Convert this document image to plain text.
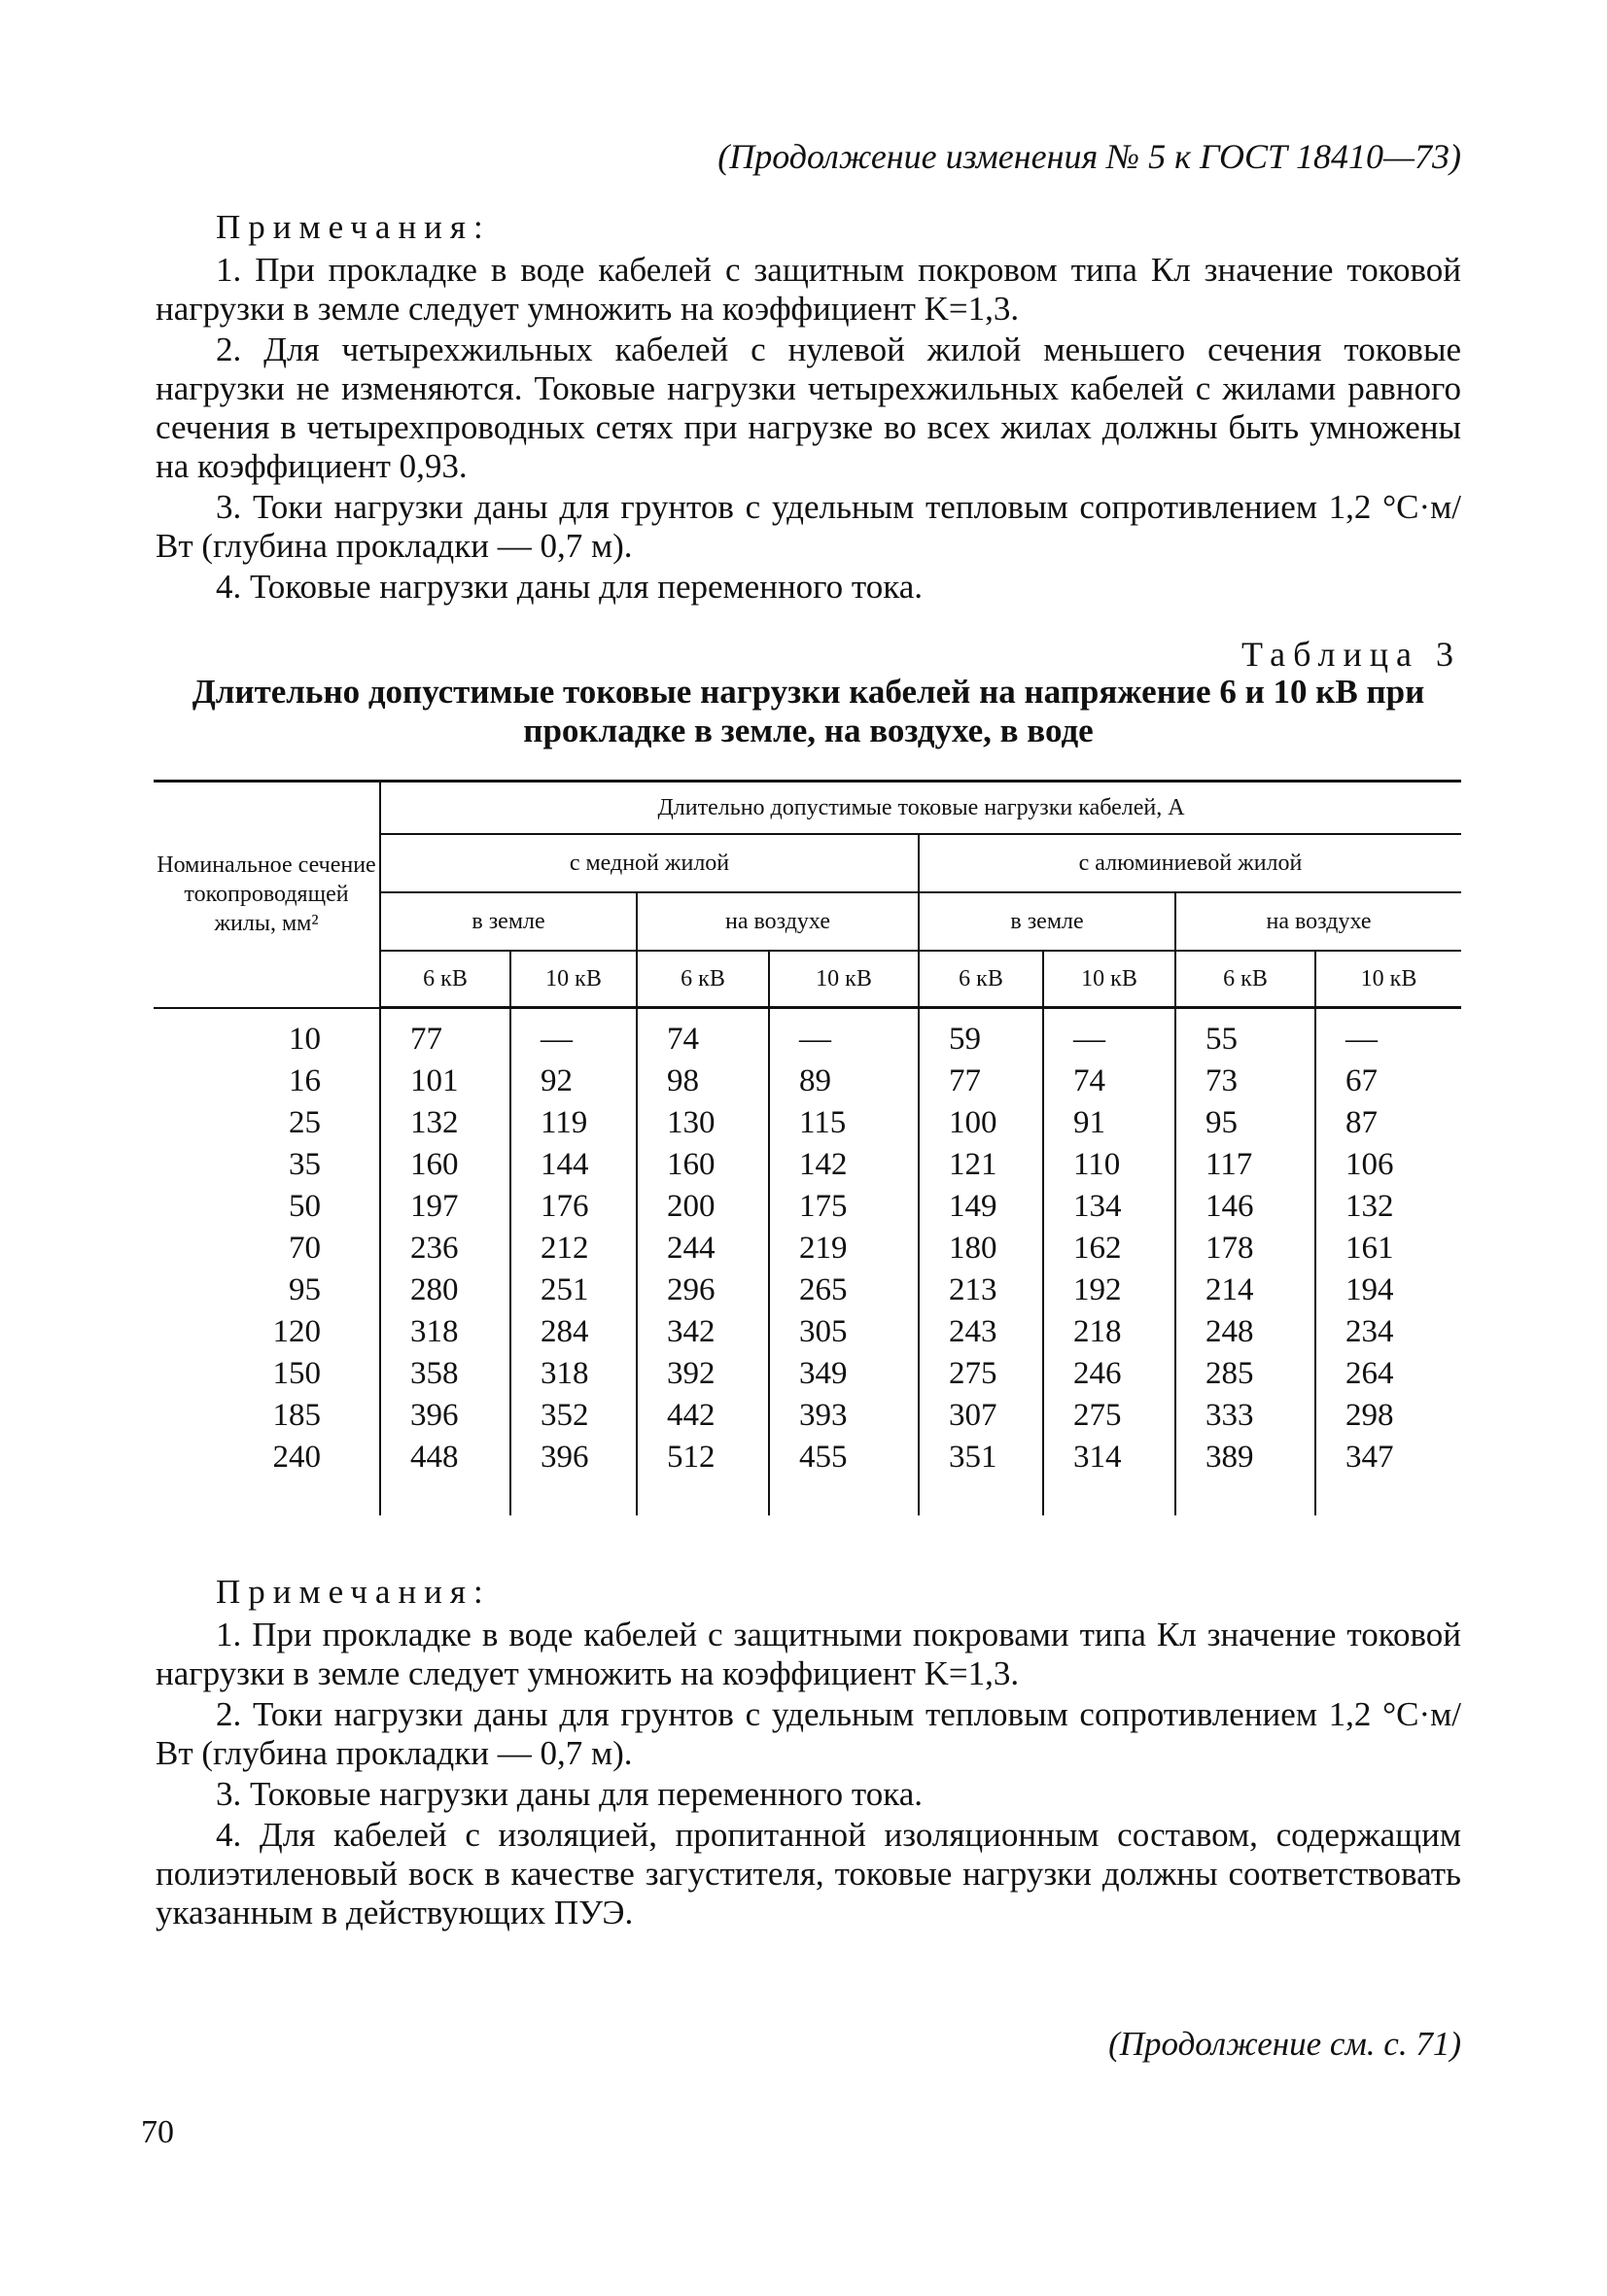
(Продолжение изменения № 5 к ГОСТ 18410—73)
Примечания:

1. При прокладке в воде кабелей с защитным покровом типа Кл значение токовой нагрузки в земле следует умножить на коэффициент K=1,3.

2. Для четырехжильных кабелей с нулевой жилой меньшего сечения токовые нагрузки не изменяются. Токовые нагрузки четырехжильных кабелей с жилами равного сечения в четырехпроводных сетях при нагрузке во всех жилах должны быть умножены на коэффициент 0,93.

3. Токи нагрузки даны для грунтов с удельным тепловым сопротивлением 1,2 °С·м/Вт (глубина прокладки — 0,7 м).

4. Токовые нагрузки даны для переменного тока.

Таблица 3
Длительно допустимые токовые нагрузки кабелей на напряжение 6 и 10 кВ при прокладке в земле, на воздухе, в воде
Номинальное сечение токопроводящей жилы, мм²	Длительно допустимые токовые нагрузки кабелей, А							
	с медной жилой				с алюминиевой жилой			
	в земле		на воздухе		в земле		на воздухе	
	6 кВ	10 кВ	6 кВ	10 кВ	6 кВ	10 кВ	6 кВ	10 кВ
10	77	—	74	—	59	—	55	—
16	101	92	98	89	77	74	73	67
25	132	119	130	115	100	91	95	87
35	160	144	160	142	121	110	117	106
50	197	176	200	175	149	134	146	132
70	236	212	244	219	180	162	178	161
95	280	251	296	265	213	192	214	194
120	318	284	342	305	243	218	248	234
150	358	318	392	349	275	246	285	264
185	396	352	442	393	307	275	333	298
240	448	396	512	455	351	314	389	347

Примечания:

1. При прокладке в воде кабелей с защитными покровами типа Кл значение токовой нагрузки в земле следует умножить на коэффициент K=1,3.

2. Токи нагрузки даны для грунтов с удельным тепловым сопротивлением 1,2 °С·м/Вт (глубина прокладки — 0,7 м).

3. Токовые нагрузки даны для переменного тока.

4. Для кабелей с изоляцией, пропитанной изоляционным составом, содержащим полиэтиленовый воск в качестве загустителя, токовые нагрузки должны соответствовать указанным в действующих ПУЭ.

(Продолжение см. с. 71)
70
